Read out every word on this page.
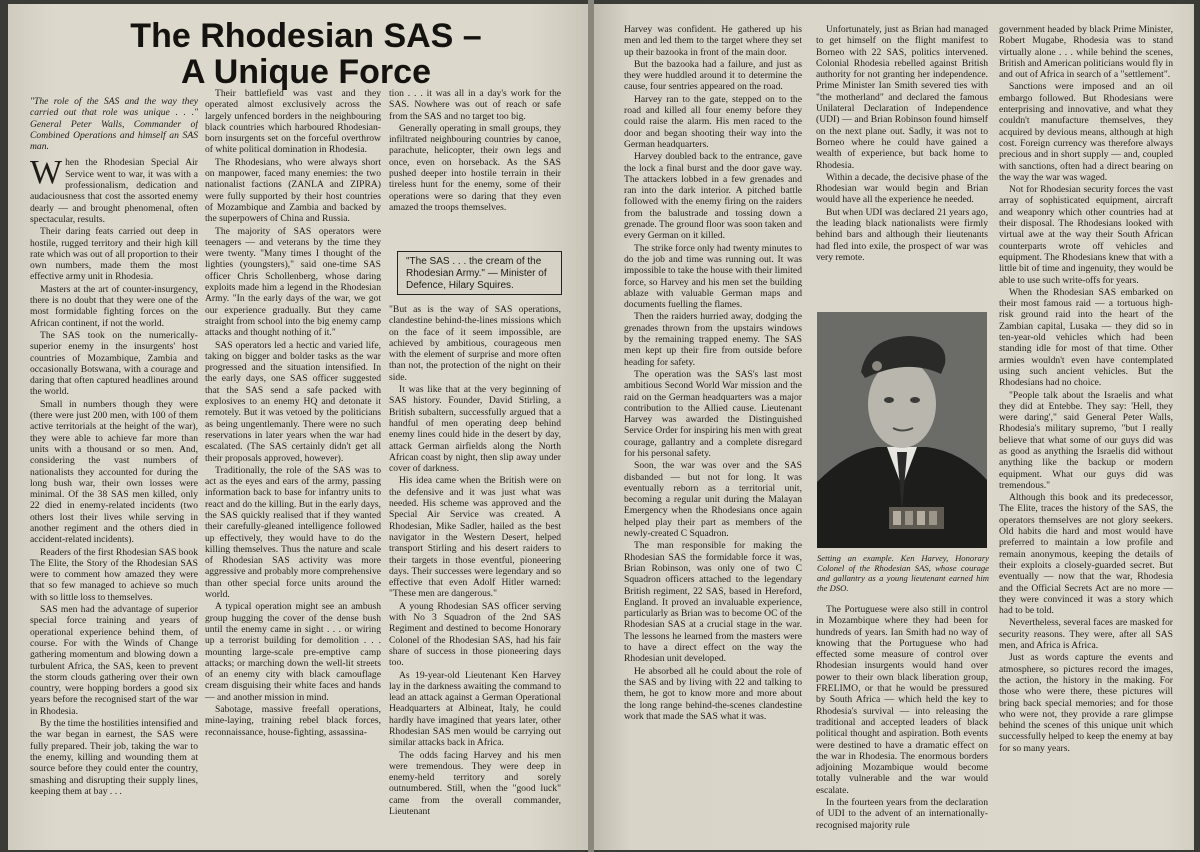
The Rhodesian SAS – A Unique Force

"The role of the SAS and the way they carried out that role was unique . . ." General Peter Walls, Commander of Combined Operations and himself an SAS man.

When the Rhodesian Special Air Service went to war, it was with a professionalism, dedication and audaciousness that cost the assorted enemy dearly — and brought phenomenal, often spectacular, results.

Their daring feats carried out deep in hostile, rugged territory and their high kill rate which was out of all proportion to their own numbers, made them the most effective army unit in Rhodesia.

Masters at the art of counter-insurgency, there is no doubt that they were one of the most formidable fighting forces on the African continent, if not the world.

The SAS took on the numerically-superior enemy in the insurgents' host countries of Mozambique, Zambia and occasionally Botswana, with a courage and daring that often captured headlines around the world.

Small in numbers though they were (there were just 200 men, with 100 of them active territorials at the height of the war), they were able to achieve far more than units with a thousand or so men. And, considering the vast numbers of nationalists they accounted for during the long bush war, their own losses were minimal. Of the 38 SAS men killed, only 22 died in enemy-related incidents (two others lost their lives while serving in another regiment and the others died in accident-related incidents).

Readers of the first Rhodesian SAS book The Elite, the Story of the Rhodesian SAS were to comment how amazed they were that so few managed to achieve so much with so little loss to themselves.

SAS men had the advantage of superior special force training and years of operational experience behind them, of course. For with the Winds of Change gathering momentum and blowing down a turbulent Africa, the SAS, keen to prevent the storm clouds gathering over their own country, were hopping borders a good six years before the recognised start of the war in Rhodesia.

By the time the hostilities intensified and the war began in earnest, the SAS were fully prepared. Their job, taking the war to the enemy, killing and wounding them at source before they could enter the country, smashing and disrupting their supply lines, keeping them at bay . . .

Their battlefield was vast and they operated almost exclusively across the largely unfenced borders in the neighbouring black countries which harboured Rhodesian-born insurgents set on the forceful overthrow of white political domination in Rhodesia.

The Rhodesians, who were always short on manpower, faced many enemies: the two nationalist factions (ZANLA and ZIPRA) were fully supported by their host countries of Mozambique and Zambia and backed by the superpowers of China and Russia.

The majority of SAS operators were teenagers — and veterans by the time they were twenty. "Many times I thought of the lighties (youngsters)," said one-time SAS officer Chris Schollenberg, whose daring exploits made him a legend in the Rhodesian Army. "In the early days of the war, we got our experience gradually. But they came straight from school into the big enemy camp attacks and thought nothing of it."

SAS operators led a hectic and varied life, taking on bigger and bolder tasks as the war progressed and the situation intensified. In the early days, one SAS officer suggested that the SAS send a safe packed with explosives to an enemy HQ and detonate it remotely. But it was vetoed by the politicians as being ungentlemanly. There were no such reservations in later years when the war had escalated. (The SAS certainly didn't get all their proposals approved, however).

Traditionally, the role of the SAS was to act as the eyes and ears of the army, passing information back to base for infantry units to react and do the killing. But in the early days, the SAS quickly realised that if they wanted their carefully-gleaned intelligence followed up effectively, they would have to do the killing themselves. Thus the nature and scale of Rhodesian SAS activity was more aggressive and probably more comprehensive than other special force units around the world.

A typical operation might see an ambush group hugging the cover of the dense bush until the enemy came in sight . . . or wiring up a terrorist building for demolition . . . mounting large-scale pre-emptive camp attacks; or marching down the well-lit streets of an enemy city with black camouflage cream disguising their white faces and hands — and another mission in mind.

Sabotage, massive freefall operations, mine-laying, training rebel black forces, reconnaissance, house-fighting, assassina-

tion . . . it was all in a day's work for the SAS. Nowhere was out of reach or safe from the SAS and no target too big.

Generally operating in small groups, they infiltrated neighbouring countries by canoe, parachute, helicopter, their own legs and once, even on horseback. As the SAS pushed deeper into hostile terrain in their tireless hunt for the enemy, some of their operations were so daring that they even amazed the troops themselves.

"The SAS . . . the cream of the Rhodesian Army." — Minister of Defence, Hilary Squires.

"But as is the way of SAS operations, clandestine behind-the-lines missions which on the face of it seem impossible, are achieved by ambitious, courageous men with the element of surprise and more often than not, the protection of the night on their side.

It was like that at the very beginning of SAS history. Founder, David Stirling, a British subaltern, successfully argued that a handful of men operating deep behind enemy lines could hide in the desert by day, attack German airfields along the North African coast by night, then slip away under cover of darkness.

His idea came when the British were on the defensive and it was just what was needed. His scheme was approved and the Special Air Service was created. A Rhodesian, Mike Sadler, hailed as the best navigator in the Western Desert, helped transport Stirling and his desert raiders to their targets in those eventful, pioneering days. Their successes were legendary and so effective that even Adolf Hitler warned: "These men are dangerous."

A young Rhodesian SAS officer serving with No 3 Squadron of the 2nd SAS Regiment and destined to become Honorary Colonel of the Rhodesian SAS, had his fair share of success in those pioneering days too.

As 19-year-old Lieutenant Ken Harvey lay in the darkness awaiting the command to lead an attack against a German Operational Headquarters at Albineat, Italy, he could hardly have imagined that years later, other Rhodesian SAS men would be carrying out similar attacks back in Africa.

The odds facing Harvey and his men were tremendous. They were deep in enemy-held territory and sorely outnumbered. Still, when the "good luck" came from the overall commander, Lieutenant

Harvey was confident. He gathered up his men and led them to the target where they set up their bazooka in front of the main door.

But the bazooka had a failure, and just as they were huddled around it to determine the cause, four sentries appeared on the road.

Harvey ran to the gate, stepped on to the road and killed all four enemy before they could raise the alarm. His men raced to the door and began shooting their way into the German headquarters.

Harvey doubled back to the entrance, gave the lock a final burst and the door gave way. The attackers lobbed in a few grenades and ran into the dark interior. A pitched battle followed with the enemy firing on the raiders from the balustrade and tossing down a grenade. The ground floor was soon taken and every German on it killed.

The strike force only had twenty minutes to do the job and time was running out. It was impossible to take the house with their limited force, so Harvey and his men set the building ablaze with valuable German maps and documents fuelling the flames.

Then the raiders hurried away, dodging the grenades thrown from the upstairs windows by the remaining trapped enemy. The SAS men kept up their fire from outside before heading for safety.

The operation was the SAS's last most ambitious Second World War mission and the raid on the German headquarters was a major contribution to the Allied cause. Lieutenant Harvey was awarded the Distinguished Service Order for inspiring his men with great courage, gallantry and a complete disregard for his personal safety.

Soon, the war was over and the SAS disbanded — but not for long. It was eventually reborn as a territorial unit, becoming a regular unit during the Malayan Emergency when the Rhodesians once again helped play their part as members of the newly-created C Squadron.

The man responsible for making the Rhodesian SAS the formidable force it was, Brian Robinson, was only one of two C Squadron officers attached to the legendary British regiment, 22 SAS, based in Hereford, England. It proved an invaluable experience, particularly as Brian was to become OC of the Rhodesian SAS at a crucial stage in the war. The lessons he learned from the masters were to have a direct effect on the way the Rhodesian unit developed.

He absorbed all he could about the role of the SAS and by living with 22 and talking to them, he got to know more and more about the long range behind-the-scenes clandestine work that made the SAS what it was.

Unfortunately, just as Brian had managed to get himself on the flight manifest to Borneo with 22 SAS, politics intervened. Colonial Rhodesia rebelled against British authority for not granting her independence. Prime Minister Ian Smith severed ties with "the motherland" and declared the famous Unilateral Declaration of Independence (UDI) — and Brian Robinson found himself on the next plane out. Sadly, it was not to Borneo where he could have gained a wealth of experience, but back home to Rhodesia.

Within a decade, the decisive phase of the Rhodesian war would begin and Brian would have all the experience he needed.

But when UDI was declared 21 years ago, the leading black nationalists were firmly behind bars and although their lieutenants had fled into exile, the prospect of war was very remote.

Setting an example. Ken Harvey, Honorary Colonel of the Rhodesian SAS, whose courage and gallantry as a young lieutenant earned him the DSO.

The Portuguese were also still in control in Mozambique where they had been for hundreds of years. Ian Smith had no way of knowing that the Portuguese who had effected some measure of control over Rhodesian insurgents would hand over power to their own black liberation group, FRELIMO, or that he would be pressured by South Africa — which held the key to Rhodesia's survival — into releasing the traditional and accepted leaders of black political thought and aspiration. Both events were destined to have a dramatic effect on the war in Rhodesia. The enormous borders adjoining Mozambique would become totally vulnerable and the war would escalate.

In the fourteen years from the declaration of UDI to the advent of an internationally-recognised majority rule

government headed by black Prime Minister, Robert Mugabe, Rhodesia was to stand virtually alone . . . while behind the scenes, British and American politicians would fly in and out of Africa in search of a "settlement".

Sanctions were imposed and an oil embargo followed. But Rhodesians were enterprising and innovative, and what they couldn't manufacture themselves, they acquired by devious means, although at high cost. Foreign currency was therefore always precious and in short supply — and, coupled with sanctions, often had a direct bearing on the way the war was waged.

Not for Rhodesian security forces the vast array of sophisticated equipment, aircraft and weaponry which other countries had at their disposal. The Rhodesians looked with virtual awe at the way their South African counterparts wrote off vehicles and equipment. The Rhodesians knew that with a little bit of time and ingenuity, they would be able to use such write-offs for years.

When the Rhodesian SAS embarked on their most famous raid — a tortuous high-risk ground raid into the heart of the Zambian capital, Lusaka — they did so in ten-year-old vehicles which had been standing idle for most of that time. Other armies wouldn't even have contemplated using such ancient vehicles. But the Rhodesians had no choice.

"People talk about the Israelis and what they did at Entebbe. They say: 'Hell, they were daring'," said General Peter Walls, Rhodesia's military supremo, "but I really believe that what some of our guys did was as good as anything the Israelis did without anything like the backup or modern equipment. What our guys did was tremendous."

Although this book and its predecessor, The Elite, traces the history of the SAS, the operators themselves are not glory seekers. Old habits die hard and most would have preferred to maintain a low profile and remain anonymous, keeping the details of their exploits a closely-guarded secret. But eventually — now that the war, Rhodesia and the Official Secrets Act are no more — they were convinced it was a story which had to be told.

Nevertheless, several faces are masked for security reasons. They were, after all SAS men, and Africa is Africa.

Just as words capture the events and atmosphere, so pictures record the images, the action, the history in the making. For those who were there, these pictures will bring back special memories; and for those who were not, they provide a rare glimpse behind the scenes of this unique unit which successfully helped to keep the enemy at bay for so many years.
